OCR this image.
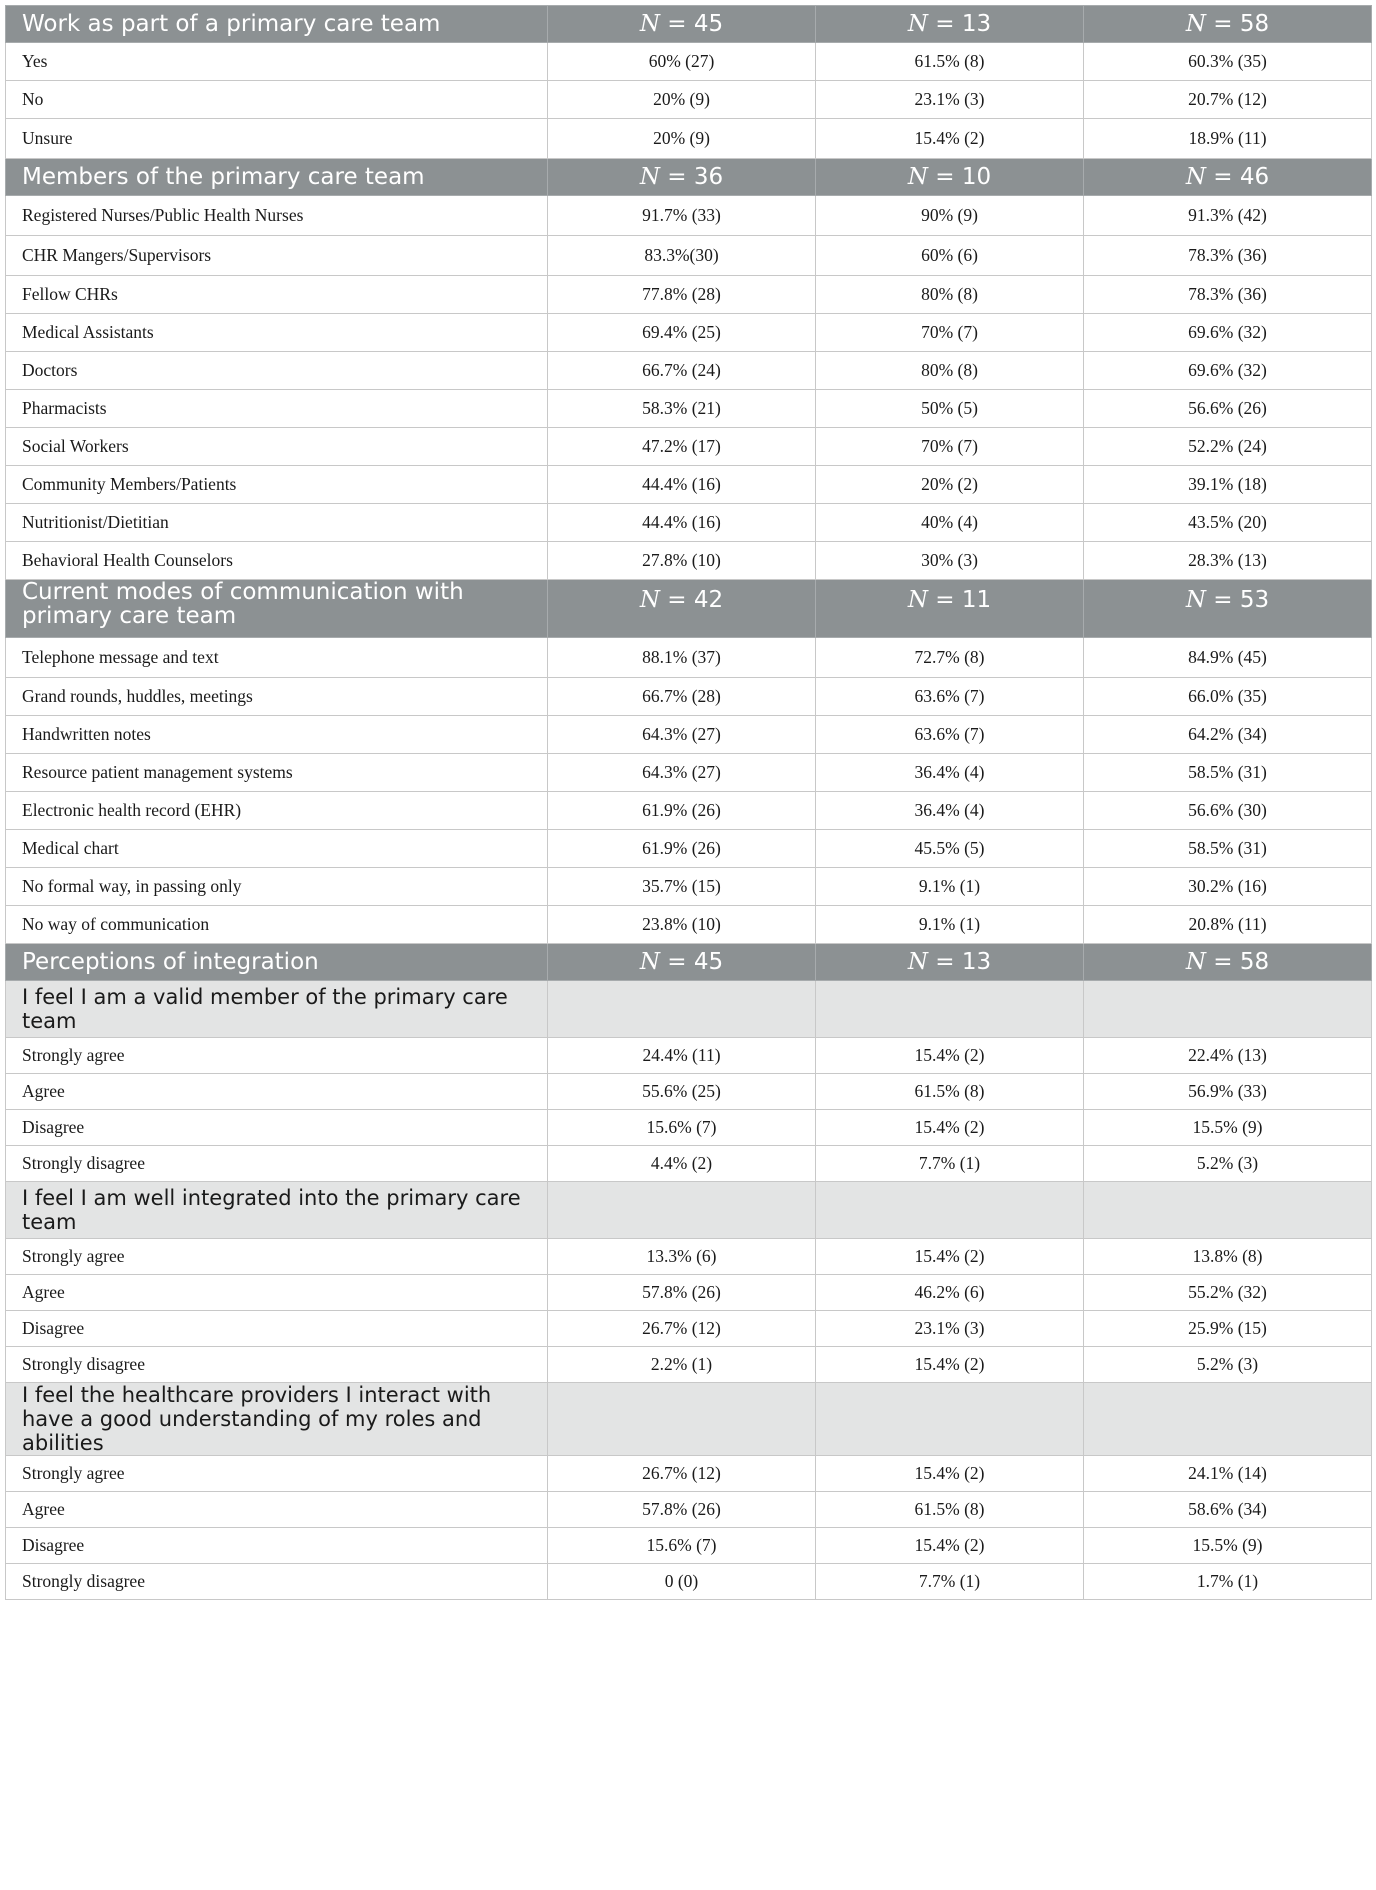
Work as part of a primary care team	N = 45	N = 13	N = 58
Yes	60% (27)	61.5% (8)	60.3% (35)
No	20% (9)	23.1% (3)	20.7% (12)
Unsure	20% (9)	15.4% (2)	18.9% (11)
Members of the primary care team	N = 36	N = 10	N = 46
Registered Nurses/Public Health Nurses	91.7% (33)	90% (9)	91.3% (42)
CHR Mangers/Supervisors	83.3%(30)	60% (6)	78.3% (36)
Fellow CHRs	77.8% (28)	80% (8)	78.3% (36)
Medical Assistants	69.4% (25)	70% (7)	69.6% (32)
Doctors	66.7% (24)	80% (8)	69.6% (32)
Pharmacists	58.3% (21)	50% (5)	56.6% (26)
Social Workers	47.2% (17)	70% (7)	52.2% (24)
Community Members/Patients	44.4% (16)	20% (2)	39.1% (18)
Nutritionist/Dietitian	44.4% (16)	40% (4)	43.5% (20)
Behavioral Health Counselors	27.8% (10)	30% (3)	28.3% (13)
Current modes of communication with primary care team	N = 42	N = 11	N = 53
Telephone message and text	88.1% (37)	72.7% (8)	84.9% (45)
Grand rounds, huddles, meetings	66.7% (28)	63.6% (7)	66.0% (35)
Handwritten notes	64.3% (27)	63.6% (7)	64.2% (34)
Resource patient management systems	64.3% (27)	36.4% (4)	58.5% (31)
Electronic health record (EHR)	61.9% (26)	36.4% (4)	56.6% (30)
Medical chart	61.9% (26)	45.5% (5)	58.5% (31)
No formal way, in passing only	35.7% (15)	9.1% (1)	30.2% (16)
No way of communication	23.8% (10)	9.1% (1)	20.8% (11)
Perceptions of integration	N = 45	N = 13	N = 58
I feel I am a valid member of the primary care team			
Strongly agree	24.4% (11)	15.4% (2)	22.4% (13)
Agree	55.6% (25)	61.5% (8)	56.9% (33)
Disagree	15.6% (7)	15.4% (2)	15.5% (9)
Strongly disagree	4.4% (2)	7.7% (1)	5.2% (3)
I feel I am well integrated into the primary care team			
Strongly agree	13.3% (6)	15.4% (2)	13.8% (8)
Agree	57.8% (26)	46.2% (6)	55.2% (32)
Disagree	26.7% (12)	23.1% (3)	25.9% (15)
Strongly disagree	2.2% (1)	15.4% (2)	5.2% (3)
I feel the healthcare providers I interact with have a good understanding of my roles and abilities			
Strongly agree	26.7% (12)	15.4% (2)	24.1% (14)
Agree	57.8% (26)	61.5% (8)	58.6% (34)
Disagree	15.6% (7)	15.4% (2)	15.5% (9)
Strongly disagree	0 (0)	7.7% (1)	1.7% (1)
